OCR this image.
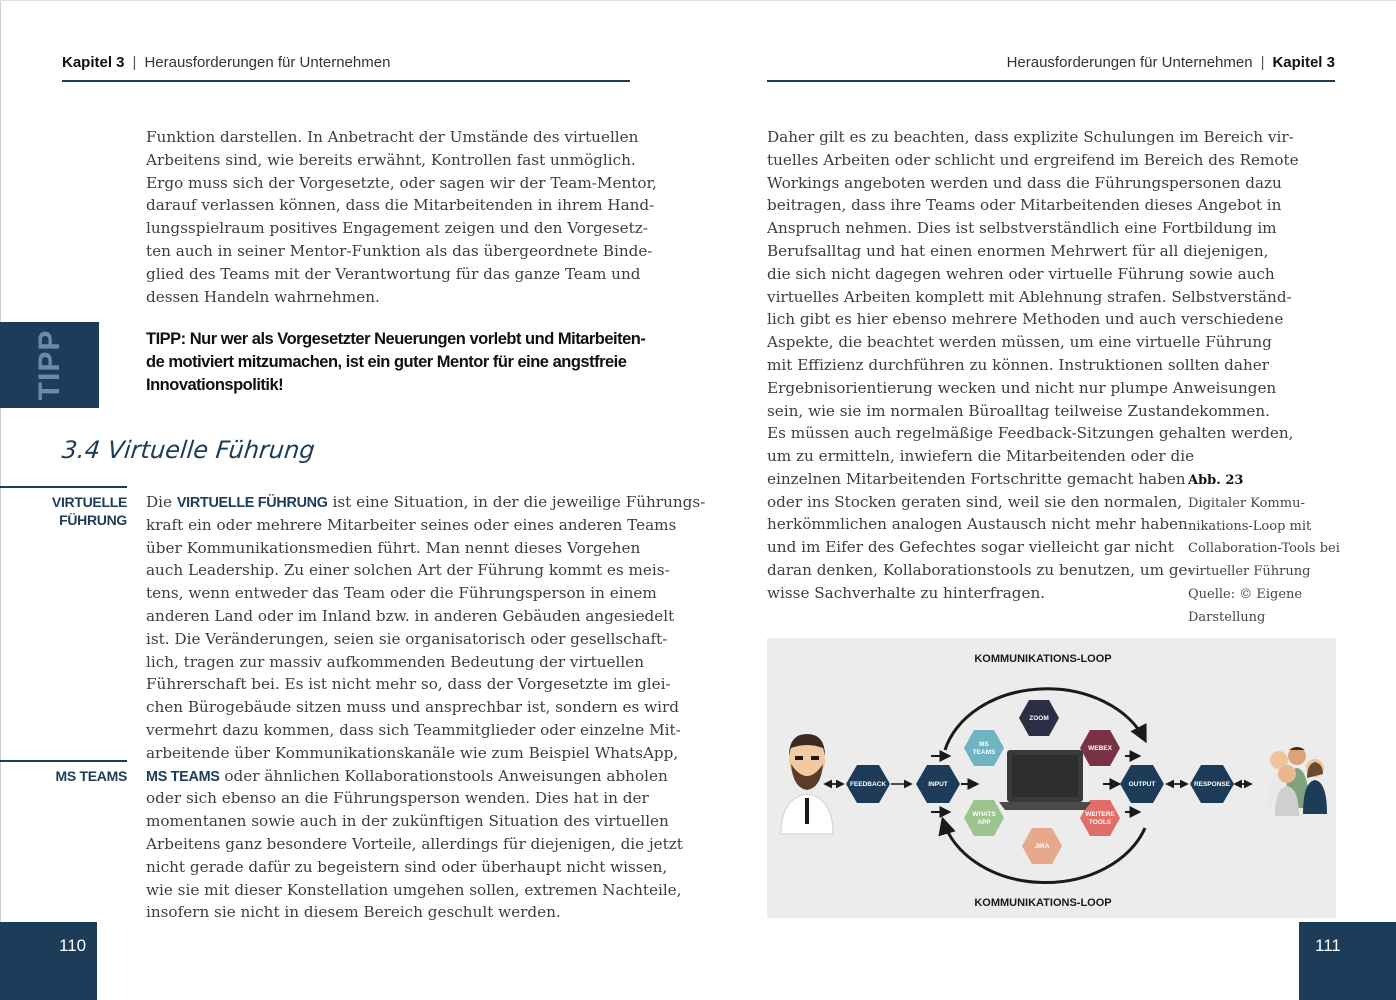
Kapitel 3 | Herausforderungen für Unternehmen
Funktion darstellen. In Anbetracht der Umstände des virtuellen
Arbeitens sind, wie bereits erwähnt, Kontrollen fast unmöglich.
Ergo muss sich der Vorgesetzte, oder sagen wir der Team-Mentor,
darauf verlassen können, dass die Mitarbeitenden in ihrem Hand-
lungsspielraum positives Engagement zeigen und den Vorgesetz-
ten auch in seiner Mentor-Funktion als das übergeordnete Binde-
glied des Teams mit der Verantwortung für das ganze Team und
dessen Handeln wahrnehmen.
TIPP	TIPP: Nur wer als Vorgesetzter Neuerungen vorlebt und Mitarbeiten-
de motiviert mitzumachen, ist ein guter Mentor für eine angstfreie
Innovationspolitik!
3.4 Virtuelle Führung
VIRTUELLE
FÜHRUNG
MS TEAMS
Die VIRTUELLE FÜHRUNG ist eine Situation, in der die jeweilige Führungs-
kraft ein oder mehrere Mitarbeiter seines oder eines anderen Teams
über Kommunikationsmedien führt. Man nennt dieses Vorgehen
auch Leadership. Zu einer solchen Art der Führung kommt es meis-
tens, wenn entweder das Team oder die Führungsperson in einem
anderen Land oder im Inland bzw. in anderen Gebäuden angesiedelt
ist. Die Veränderungen, seien sie organisatorisch oder gesellschaft-
lich, tragen zur massiv aufkommenden Bedeutung der virtuellen
Führerschaft bei. Es ist nicht mehr so, dass der Vorgesetzte im glei-
chen Bürogebäude sitzen muss und ansprechbar ist, sondern es wird
vermehrt dazu kommen, dass sich Teammitglieder oder einzelne Mit-
arbeitende über Kommunikationskanäle wie zum Beispiel WhatsApp,
MS TEAMS oder ähnlichen Kollaborationstools Anweisungen abholen
oder sich ebenso an die Führungsperson wenden. Dies hat in der
momentanen sowie auch in der zukünftigen Situation des virtuellen
Arbeitens ganz besondere Vorteile, allerdings für diejenigen, die jetzt
nicht gerade dafür zu begeistern sind oder überhaupt nicht wissen,
wie sie mit dieser Konstellation umgehen sollen, extremen Nachteile,
insofern sie nicht in diesem Bereich geschult werden.
110
Herausforderungen für Unternehmen | Kapitel 3
Daher gilt es zu beachten, dass explizite Schulungen im Bereich vir-
tuelles Arbeiten oder schlicht und ergreifend im Bereich des Remote
Workings angeboten werden und dass die Führungspersonen dazu
beitragen, dass ihre Teams oder Mitarbeitenden dieses Angebot in
Anspruch nehmen. Dies ist selbstverständlich eine Fortbildung im
Berufsalltag und hat einen enormen Mehrwert für all diejenigen,
die sich nicht dagegen wehren oder virtuelle Führung sowie auch
virtuelles Arbeiten komplett mit Ablehnung strafen. Selbstverständ-
lich gibt es hier ebenso mehrere Methoden und auch verschiedene
Aspekte, die beachtet werden müssen, um eine virtuelle Führung
mit Effizienz durchführen zu können. Instruktionen sollten daher
Ergebnisorientierung wecken und nicht nur plumpe Anweisungen
sein, wie sie im normalen Büroalltag teilweise Zustandekommen.
Es müssen auch regelmäßige Feedback-Sitzungen gehalten werden,
um zu ermitteln, inwiefern die Mitarbeitenden oder die
einzelnen Mitarbeitenden Fortschritte gemacht haben
oder ins Stocken geraten sind, weil sie den normalen,
herkömmlichen analogen Austausch nicht mehr haben
und im Eifer des Gefechtes sogar vielleicht gar nicht
daran denken, Kollaborationstools zu benutzen, um ge-
wisse Sachverhalte zu hinterfragen.
Abb. 23
Digitaler Kommu-
nikations-Loop mit
Collaboration-Tools bei
virtueller Führung
Quelle: © Eigene
Darstellung
KOMMUNIKATIONS-LOOP
KOMMUNIKATIONS-LOOP
FEEDBACK	INPUT	OUTPUT	RESPONSE
ZOOM
WEBEX
MS
TEAMS
WHATS
APP
WEITERE
TOOLS
JIRA
111
